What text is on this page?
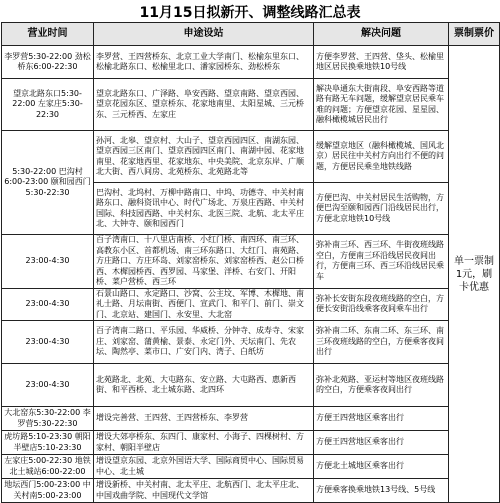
11月15日拟新开、调整线路汇总表
营业时间	申途设站	解决问题	票制票价
李罗营5:30-22:00 劲松桥东6:00-22:30	李罗营、王四营桥东、北京工业大学南门、松榆东里东口、松榆北路东口、松榆里北口、潘家园桥东、劲松桥东	方便李罗营、王四营、垡头、松榆里地区居民换乘地铁10号线	单一票制1元，刷卡优惠
望京北路东口5:30-22:00 左家庄5:30-22:30	望京北路东口、广泽路、阜安西路、望京南路、望京西园、望京花园东区、望京桥东、花家地南里、太阳星城、三元桥东、三元桥西、左家庄	解决阜通东大街南段、阜安西路等道路有路无车问题，缓解望京居民乘车难的问题；方便望京花园、星星园、融科橄榄城居民出行	
5:30-22:00 巴沟村6:00-23:00 颐和园西门5:30-22:30	孙河、北皋、望京村、大山子、望京西园四区、南湖东园、望京西园三区南门、望京西园四区南门、南湖中园、花家地南里、花家地西里、花家地东、中央美院、北京东岸、广顺北大街、西八间房、北苑桥东、北苑路北等	缓解望京地区（融科橄榄城、国风北京）居民往中关村方向出行不便的问题，方便居民乘坐地铁线路	
	巴沟村、北坞村、万柳中路南口、中坞、功德寺、中关村南路东口、融科资讯中心、时代广场北、万泉庄西路、中关村国际、科技园西路、中关村东、北医三院、北航、北太平庄北、大钟寺、颐和园西门	方便巴沟、中关村居民生活购物，方便巴沟至颐和园西门沿线居民出行，方便北京地铁10号线	
23:00-4:30	百子湾南口、十八里店南桥、小红门桥、南四环、南三环、高教东小区、首都机场、南三环东路口、大红门、南苑路、方庄路口、方庄环岛、刘家窑桥东、刘家窑桥西、赵公口桥西、木樨园桥西、西罗园、马家堡、洋桥、右安门、开阳桥、菜户营桥、西三环	弥补南三环、西三环、牛街夜班线路空白，方便南三环沿线居民夜间出行，方便南三环、西三环沿线居民乘车	
23:00-4:30	石景山路口、永定路口、沙窝、公主坟、军博、木樨地、南礼士路、月坛南街、西便门、宣武门、和平门、前门、崇文门、北京站、建国门、永安里、大北窑	弥补长安街东段夜班线路的空白，方便长安街沿线乘客夜间乘车出行	
23:00-4:30	百子湾南二路口、平乐园、华威桥、分钟寺、成寿寺、宋家庄、刘家窑、蒲黄榆、景泰、永定门外、天坛南门、先农坛、陶然亭、菜市口、广安门内、湾子、白纸坊	弥补南二环、东南二环、东三环、南三环夜班线路的空白，方便乘客夜间出行	
23:00-4:30	北苑路北、北苑、大屯路东、安立路、大屯路西、惠新西街、和平西桥、北土城东路、北四环	弥补北苑路、亚运村等地区夜班线路的空白，方便乘客夜间出行	
大北窑东5:30-22:00 李罗营5:30-22:30	增设完善营、王四营、王四营桥东、李罗营	方便王四营地区乘客出行	
虎坊路5:10-23:30 朝阳半壁店5:10-23:30	增设大郊亭桥东、东四门、康家村、小海子、四棵树村、方家村、朝阳半壁店	方便王四营地区乘客出行	
左家庄5:00-22:30 地铁北土城站6:00-22:00	增设望京东园、北京外国语大学、国际商贸中心、国际贸易中心、北土城	方便北土城地区乘客出行	
地坛西门5:00-23:00 中关村南5:00-23:00	增设新桥、中关村南、北太平庄、北航西门、北太平庄北、中国戏曲学院、中国现代文学馆	方便乘客换乘地铁13号线、5号线	
